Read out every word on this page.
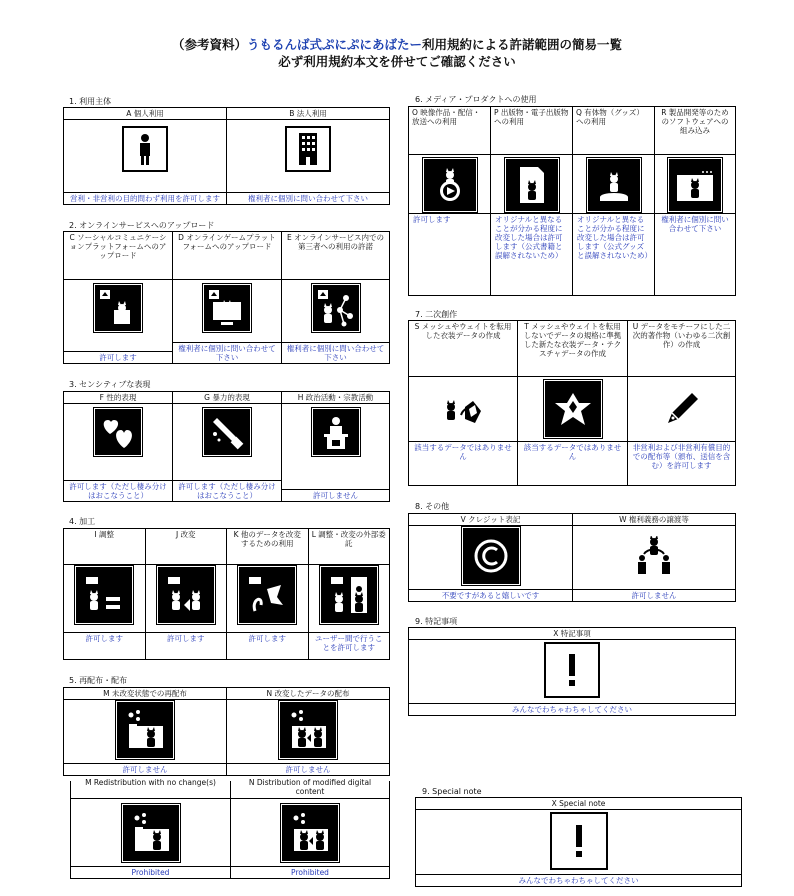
（参考資料）うもるんば式ぷにぷにあばたー利用規約による許諾範囲の簡易一覧
必ず利用規約本文を併せてご確認ください
1. 利用主体
A 個人利用
営利・非営利の目的問わず利用を許可します
B 法人利用
権利者に個別に問い合わせて下さい
2. オンラインサービスへのアップロード
C ソーシャルコミュニケーションプラットフォームへのアップロード
許可します
D オンラインゲームプラットフォームへのアップロード
権利者に個別に問い合わせて下さい
E オンラインサービス内での第三者への利用の許諾
権利者に個別に問い合わせて下さい
3. センシティブな表現
F 性的表現
許可します（ただし棲み分けはおこなうこと）
G 暴力的表現
許可します（ただし棲み分けはおこなうこと）
H 政治活動・宗教活動
許可しません
4. 加工
I 調整
許可します
J 改変
許可します
K 他のデータを改変するための利用
許可します
L 調整・改変の外部委託
ユーザー間で行うことを許可します
5. 再配布・配布
M 未改変状態での再配布
許可しません
N 改変したデータの配布
許可しません
6. メディア・プロダクトへの使用
O 映像作品・配信・放送への利用
許可します
P 出版物・電子出版物への利用
オリジナルと異なることが分かる程度に改変した場合は許可します（公式書籍と誤解されないため）
Q 有体物（グッズ）への利用
オリジナルと異なることが分かる程度に改変した場合は許可します（公式グッズと誤解されないため）
R 製品開発等のためのソフトウェアへの組み込み
権利者に個別に問い合わせて下さい
7. 二次創作
S メッシュやウェイトを転用した衣装データの作成
該当するデータではありません
T メッシュやウェイトを転用しないでデータの規格に準拠した新たな衣装データ・テクスチャデータの作成
該当するデータではありません
U データをモチーフにした二次的著作物（いわゆる二次創作）の作成
非営利および非営利有償目的での配布等（頒布、送信を含む）を許可します
8. その他
V クレジット表記
不要ですがあると嬉しいです
W 権利義務の譲渡等
許可しません
9. 特記事項
X 特記事項
みんなでわちゃわちゃしてください
M Redistribution with no change(s)
Prohibited
N Distribution of modified digital content
Prohibited
9. Special note
X Special note
みんなでわちゃわちゃしてください
